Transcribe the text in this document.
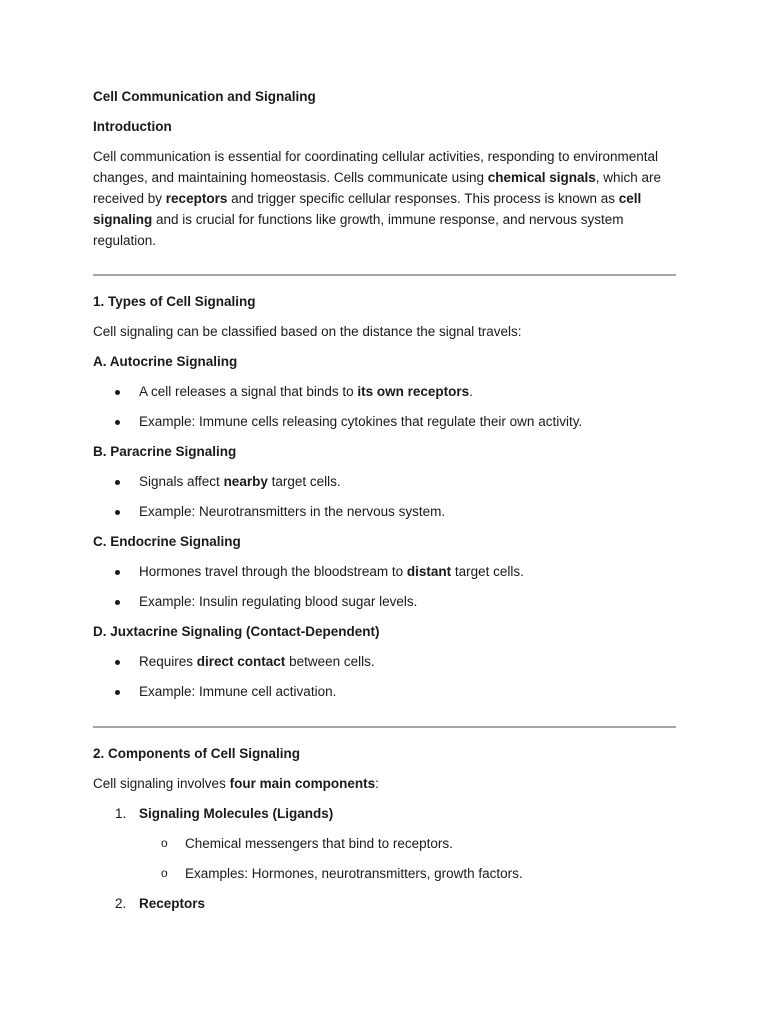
Cell Communication and Signaling
Introduction
Cell communication is essential for coordinating cellular activities, responding to environmental changes, and maintaining homeostasis. Cells communicate using chemical signals, which are received by receptors and trigger specific cellular responses. This process is known as cell signaling and is crucial for functions like growth, immune response, and nervous system regulation.
1. Types of Cell Signaling
Cell signaling can be classified based on the distance the signal travels:
A. Autocrine Signaling
A cell releases a signal that binds to its own receptors.
Example: Immune cells releasing cytokines that regulate their own activity.
B. Paracrine Signaling
Signals affect nearby target cells.
Example: Neurotransmitters in the nervous system.
C. Endocrine Signaling
Hormones travel through the bloodstream to distant target cells.
Example: Insulin regulating blood sugar levels.
D. Juxtacrine Signaling (Contact-Dependent)
Requires direct contact between cells.
Example: Immune cell activation.
2. Components of Cell Signaling
Cell signaling involves four main components:
1. Signaling Molecules (Ligands)
o Chemical messengers that bind to receptors.
o Examples: Hormones, neurotransmitters, growth factors.
2. Receptors
